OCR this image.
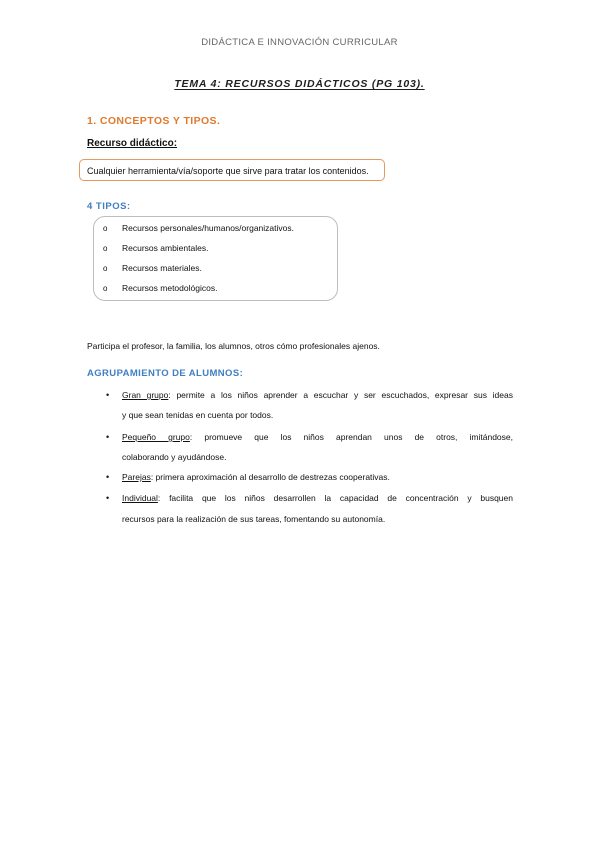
DIDÁCTICA E INNOVACIÓN CURRICULAR
TEMA 4: RECURSOS DIDÁCTICOS (PG 103).
1. CONCEPTOS Y TIPOS.
Recurso didáctico:
Cualquier herramienta/vía/soporte que sirve para tratar los contenidos.
4 TIPOS:
o Recursos personales/humanos/organizativos.
o Recursos ambientales.
o Recursos materiales.
o Recursos metodológicos.
Participa el profesor, la familia, los alumnos, otros cómo profesionales ajenos.
AGRUPAMIENTO DE ALUMNOS:
• Gran grupo: permite a los niños aprender a escuchar y ser escuchados, expresar sus ideas
y que sean tenidas en cuenta por todos.
• Pequeño grupo: promueve que los niños aprendan unos de otros, imitándose,
colaborando y ayudándose.
• Parejas: primera aproximación al desarrollo de destrezas cooperativas.
• Individual: facilita que los niños desarrollen la capacidad de concentración y busquen
recursos para la realización de sus tareas, fomentando su autonomía.
